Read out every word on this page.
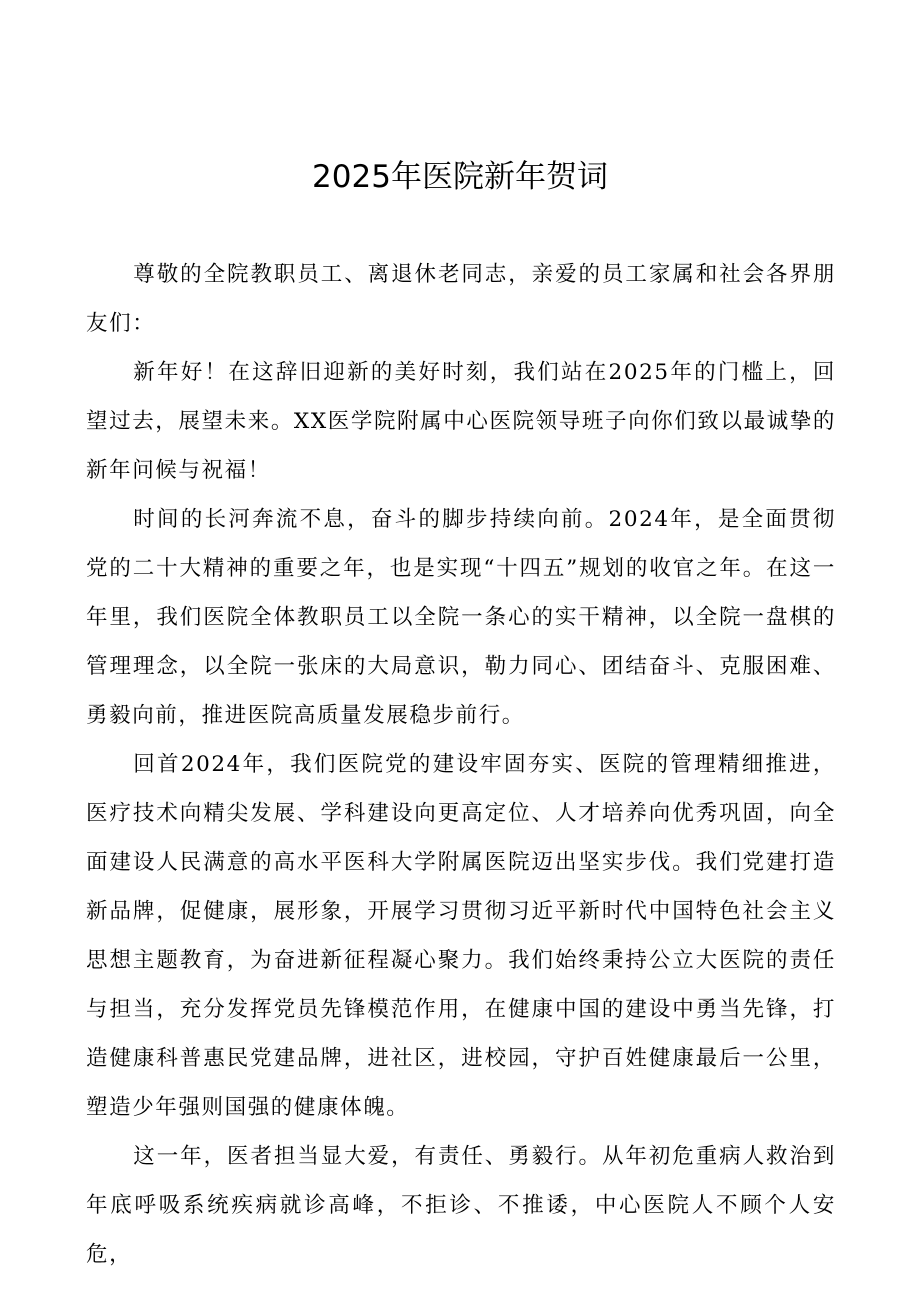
2025年医院新年贺词

尊敬的全院教职员工、离退休老同志，亲爱的员工家属和社会各界朋友们：

新年好！在这辞旧迎新的美好时刻，我们站在2025年的门槛上，回望过去，展望未来。XX医学院附属中心医院领导班子向你们致以最诚挚的新年问候与祝福！

时间的长河奔流不息，奋斗的脚步持续向前。2024年，是全面贯彻党的二十大精神的重要之年，也是实现“十四五”规划的收官之年。在这一年里，我们医院全体教职员工以全院一条心的实干精神，以全院一盘棋的管理理念，以全院一张床的大局意识，勒力同心、团结奋斗、克服困难、勇毅向前，推进医院高质量发展稳步前行。

回首2024年，我们医院党的建设牢固夯实、医院的管理精细推进，医疗技术向精尖发展、学科建设向更高定位、人才培养向优秀巩固，向全面建设人民满意的高水平医科大学附属医院迈出坚实步伐。我们党建打造新品牌，促健康，展形象，开展学习贯彻习近平新时代中国特色社会主义思想主题教育，为奋进新征程凝心聚力。我们始终秉持公立大医院的责任与担当，充分发挥党员先锋模范作用，在健康中国的建设中勇当先锋，打造健康科普惠民党建品牌，进社区，进校园，守护百姓健康最后一公里，塑造少年强则国强的健康体魄。

这一年，医者担当显大爱，有责任、勇毅行。从年初危重病人救治到年底呼吸系统疾病就诊高峰，不拒诊、不推诿，中心医院人不顾个人安危，
